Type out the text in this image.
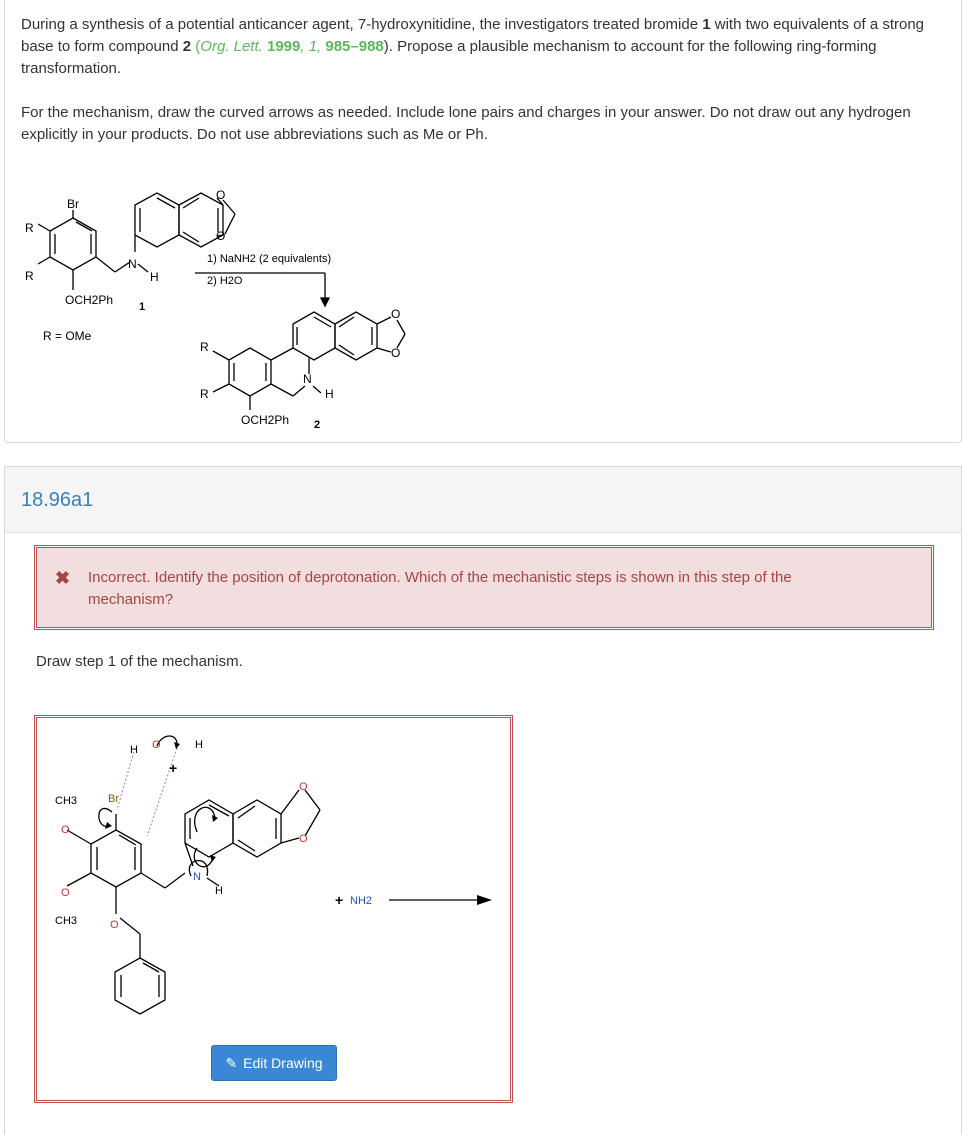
During a synthesis of a potential anticancer agent, 7-hydroxynitidine, the investigators treated bromide 1 with two equivalents of a strong base to form compound 2 (Org. Lett. 1999, 1, 985–988). Propose a plausible mechanism to account for the following ring-forming transformation.

For the mechanism, draw the curved arrows as needed. Include lone pairs and charges in your answer. Do not draw out any hydrogen explicitly in your products. Do not use abbreviations such as Me or Ph.

Br
R
R
N
H
OCH2Ph 1
O
O
R = OMe
1) NaNH2 (2 equivalents)
2) H2O
R
R
N
H
OCH2Ph 2
O
O
18.96a1
✖ Incorrect. Identify the position of deprotonation. Which of the mechanistic steps is shown in this step of the mechanism?
Draw step 1 of the mechanism.
H O	H
+
CH3
O
Br
O
CH3	O
N
H
O
O
+ NH2
✎ Edit Drawing
